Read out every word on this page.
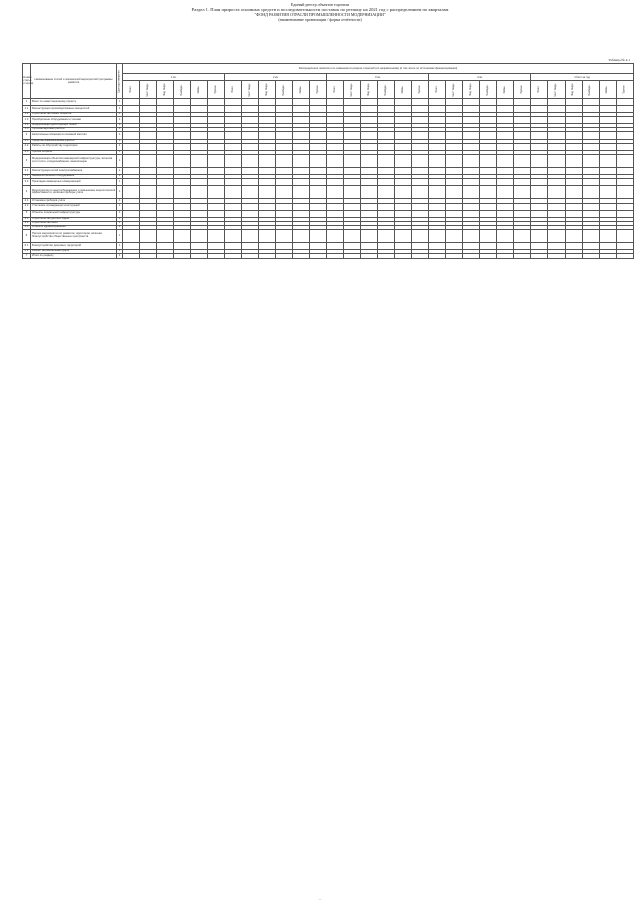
Единый реестр объектов торговли
Раздел 1. План прироста основных средств и последовательности поставок по региону на 2021 год с распределением по кварталам
"ФОНД РАЗВИТИЯ ОТРАСЛИ ПРОМЫШЛЕННОСТИ МОДЕРНИЗАЦИИ"
(наименование организации / форма отчётности)
Таблица № 4.1
Номер статьи (строки)	Наименование статей и показателей мероприятий программы развития	Единица измерения	Распределение лимитов и их изменения в разрезе отраслей (по направлениям) (в том числе по источникам финансирования)																													
			1 кв.						2 кв.						3 кв.						4 кв.						Итого за год					
			Всего	Мест. бюдж.	Фед. бюдж.	Внебюдж.	Займы	Прочие	Всего	Мест. бюдж.	Фед. бюдж.	Внебюдж.	Займы	Прочие	Всего	Мест. бюдж.	Фед. бюдж.	Внебюдж.	Займы	Прочие	Всего	Мест. бюдж.	Фед. бюдж.	Внебюдж.	Займы	Прочие	Всего	Мест. бюдж.	Фед. бюдж.	Внебюдж.	Займы	Прочие
1	Всего по инвестиционному проекту	1																														
1.1	Реконструкция производственных мощностей	1																														
1.2	Строительство новых объектов	1																														
1.3	Приобретение оборудования и техники	1																														
1.4	Модернизация действующих линий	1																														
1.5	Пусконаладочные работы	1																														
2	Капитальные вложения в основной капитал	1																														
2.1	Проектно-изыскательские работы	1																														
2.2	Работы по обустройству территории	1																														
2.3	Прочие затраты	1																														
3	Модернизация объектов инженерной инфраструктуры, включая сети тепло- и водоснабжения, канализацию	1																														
3.1	Реконструкция сетей электроснабжения	1																														
3.2	Замена котельного оборудования	1																														
3.3	Прокладка инженерных коммуникаций	1																														
4	Мероприятия по энергосбережению и повышению энергетической эффективности, включая приборы учёта	1																														
4.1	Установка приборов учёта	1																														
4.2	Утепление ограждающих конструкций	1																														
5	Объекты социальной инфраструктуры	1																														
5.1	Строительство детских садов	1																														
5.2	Строительство школ	1																														
5.3	Объекты здравоохранения	1																														
6	Прочие мероприятия по развитию территории, включая благоустройство общественных пространств	1																														
6.1	Благоустройство дворовых территорий	1																														
6.2	Ремонт автомобильных дорог	1																														
7	Итого по разделу	1																														
—
